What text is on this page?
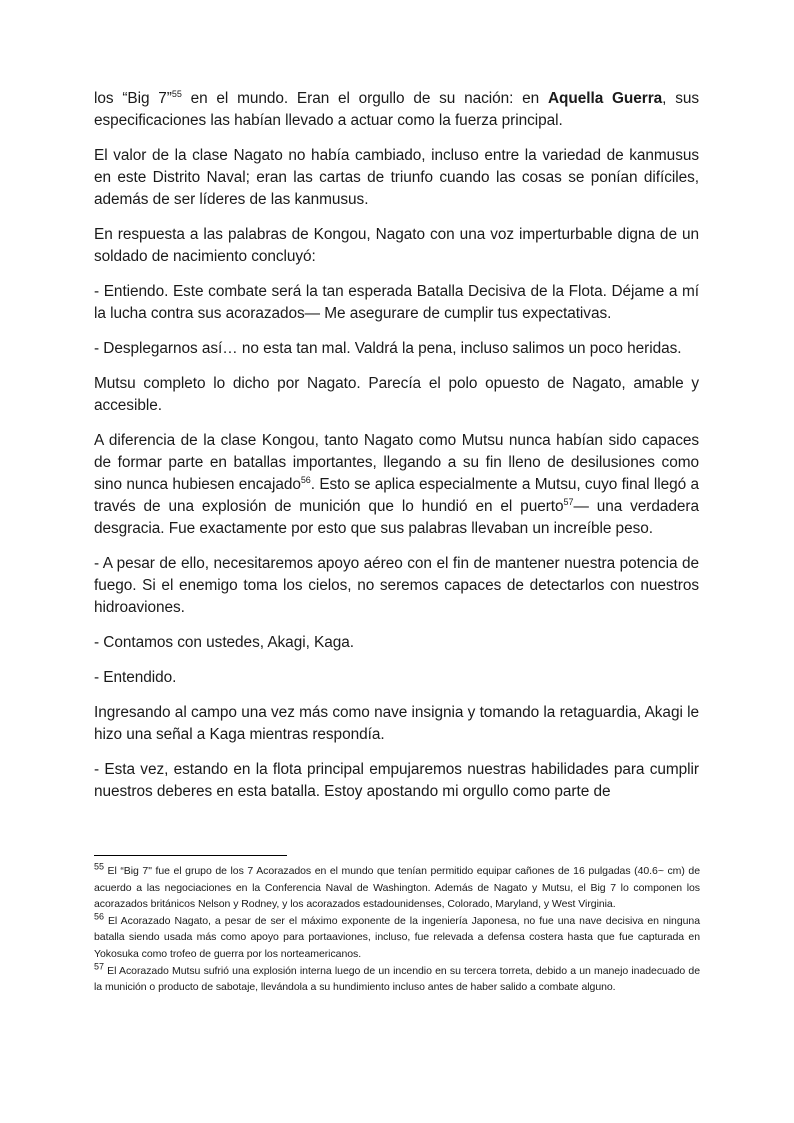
los “Big 7”$^{55}$ en el mundo. Eran el orgullo de su nación: en Aquella Guerra, sus especificaciones las habían llevado a actuar como la fuerza principal.

El valor de la clase Nagato no había cambiado, incluso entre la variedad de kanmusus en este Distrito Naval; eran las cartas de triunfo cuando las cosas se ponían difíciles, además de ser líderes de las kanmusus.

En respuesta a las palabras de Kongou, Nagato con una voz imperturbable digna de un soldado de nacimiento concluyó:

- Entiendo. Este combate será la tan esperada Batalla Decisiva de la Flota. Déjame a mí la lucha contra sus acorazados— Me asegurare de cumplir tus expectativas.

- Desplegarnos así… no esta tan mal. Valdrá la pena, incluso salimos un poco heridas.

Mutsu completo lo dicho por Nagato. Parecía el polo opuesto de Nagato, amable y accesible.

A diferencia de la clase Kongou, tanto Nagato como Mutsu nunca habían sido capaces de formar parte en batallas importantes, llegando a su fin lleno de desilusiones como sino nunca hubiesen encajado$^{56}$. Esto se aplica especialmente a Mutsu, cuyo final llegó a través de una explosión de munición que lo hundió en el puerto$^{57}$— una verdadera desgracia. Fue exactamente por esto que sus palabras llevaban un increíble peso.

- A pesar de ello, necesitaremos apoyo aéreo con el fin de mantener nuestra potencia de fuego. Si el enemigo toma los cielos, no seremos capaces de detectarlos con nuestros hidroaviones.

- Contamos con ustedes, Akagi, Kaga.

- Entendido.

Ingresando al campo una vez más como nave insignia y tomando la retaguardia, Akagi le hizo una señal a Kaga mientras respondía.

- Esta vez, estando en la flota principal empujaremos nuestras habilidades para cumplir nuestros deberes en esta batalla. Estoy apostando mi orgullo como parte de

$^{55}$ El “Big 7" fue el grupo de los 7 Acorazados en el mundo que tenían permitido equipar cañones de 16 pulgadas (40.6~ cm) de acuerdo a las negociaciones en la Conferencia Naval de Washington. Además de Nagato y Mutsu, el Big 7 lo componen los acorazados británicos Nelson y Rodney, y los acorazados estadounidenses, Colorado, Maryland, y West Virginia.

$^{56}$ El Acorazado Nagato, a pesar de ser el máximo exponente de la ingeniería Japonesa, no fue una nave decisiva en ninguna batalla siendo usada más como apoyo para portaaviones, incluso, fue relevada a defensa costera hasta que fue capturada en Yokosuka como trofeo de guerra por los norteamericanos.

$^{57}$ El Acorazado Mutsu sufrió una explosión interna luego de un incendio en su tercera torreta, debido a un manejo inadecuado de la munición o producto de sabotaje, llevándola a su hundimiento incluso antes de haber salido a combate alguno.
